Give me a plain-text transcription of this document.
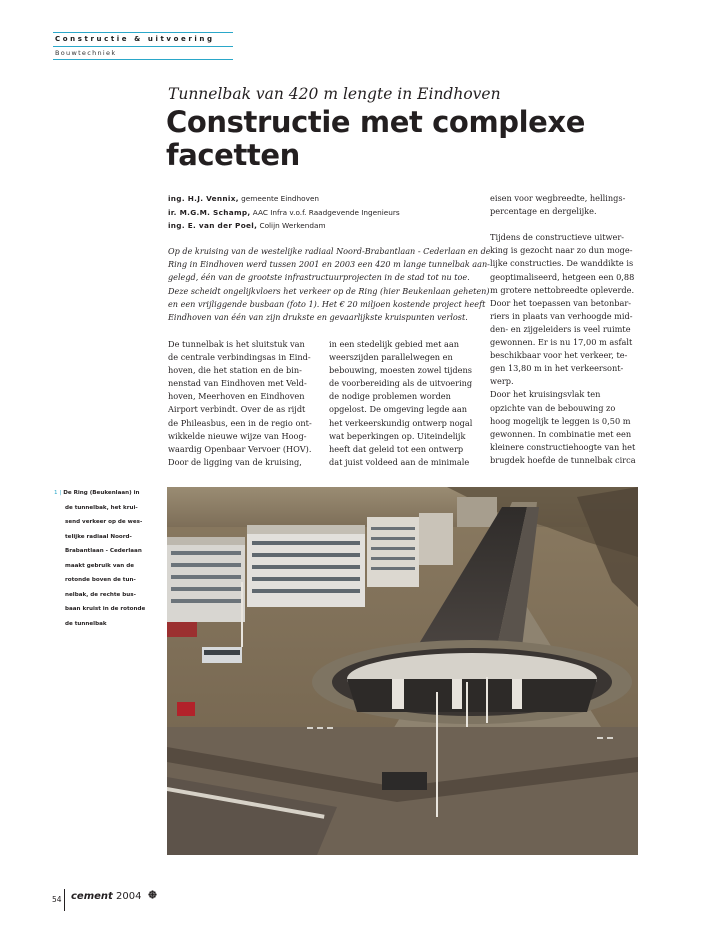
Constructie & uitvoering
Bouwtechniek
Tunnelbak van 420 m lengte in Eindhoven
Constructie met complexe
facetten
ing. H.J. Vennix, gemeente Eindhoven
ir. M.G.M. Schamp, AAC Infra v.o.f. Raadgevende Ingenieurs
ing. E. van der Poel, Colijn Werkendam
Op de kruising van de westelijke radiaal Noord-Brabantlaan - Cederlaan en de
Ring in Eindhoven werd tussen 2001 en 2003 een 420 m lange tunnelbak aan-
gelegd, één van de grootste infrastructuurprojecten in de stad tot nu toe.
Deze scheidt ongelijkvloers het verkeer op de Ring (hier Beukenlaan geheten)
en een vrijliggende busbaan (foto 1). Het € 20 miljoen kostende project heeft
Eindhoven van één van zijn drukste en gevaarlijkste kruispunten verlost.
De tunnelbak is het sluitstuk van
de centrale verbindingsas in Eind-
hoven, die het station en de bin-
nenstad van Eindhoven met Veld-
hoven, Meerhoven en Eindhoven
Airport verbindt. Over de as rijdt
de Phileasbus, een in de regio ont-
wikkelde nieuwe wijze van Hoog-
waardig Openbaar Vervoer (HOV).
Door de ligging van de kruising,
in een stedelijk gebied met aan
weerszijden parallelwegen en
bebouwing, moesten zowel tijdens
de voorbereiding als de uitvoering
de nodige problemen worden
opgelost. De omgeving legde aan
het verkeerskundig ontwerp nogal
wat beperkingen op. Uiteindelijk
heeft dat geleid tot een ontwerp
dat juist voldeed aan de minimale
eisen voor wegbreedte, hellings-
percentage en dergelijke.
Tijdens de constructieve uitwer-
king is gezocht naar zo dun moge-
lijke constructies. De wanddikte is
geoptimaliseerd, hetgeen een 0,88
m grotere nettobreedte opleverde.
Door het toepassen van betonbar-
riers in plaats van verhoogde mid-
den- en zijgeleiders is veel ruimte
gewonnen. Er is nu 17,00 m asfalt
beschikbaar voor het verkeer, te-
gen 13,80 m in het verkeersont-
werp.
Door het kruisingsvlak ten
opzichte van de bebouwing zo
hoog mogelijk te leggen is 0,50 m
gewonnen. In combinatie met een
kleinere constructiehoogte van het
brugdek hoefde de tunnelbak circa
1 | De Ring (Beukenlaan) in
de tunnelbak, het krui-
send verkeer op de wes-
telijke radiaal Noord-
Brabantlaan - Cederlaan
maakt gebruik van de
rotonde boven de tun-
nelbak, de rechte bus-
baan kruist in de rotonde
de tunnelbak
54 cement 2004
